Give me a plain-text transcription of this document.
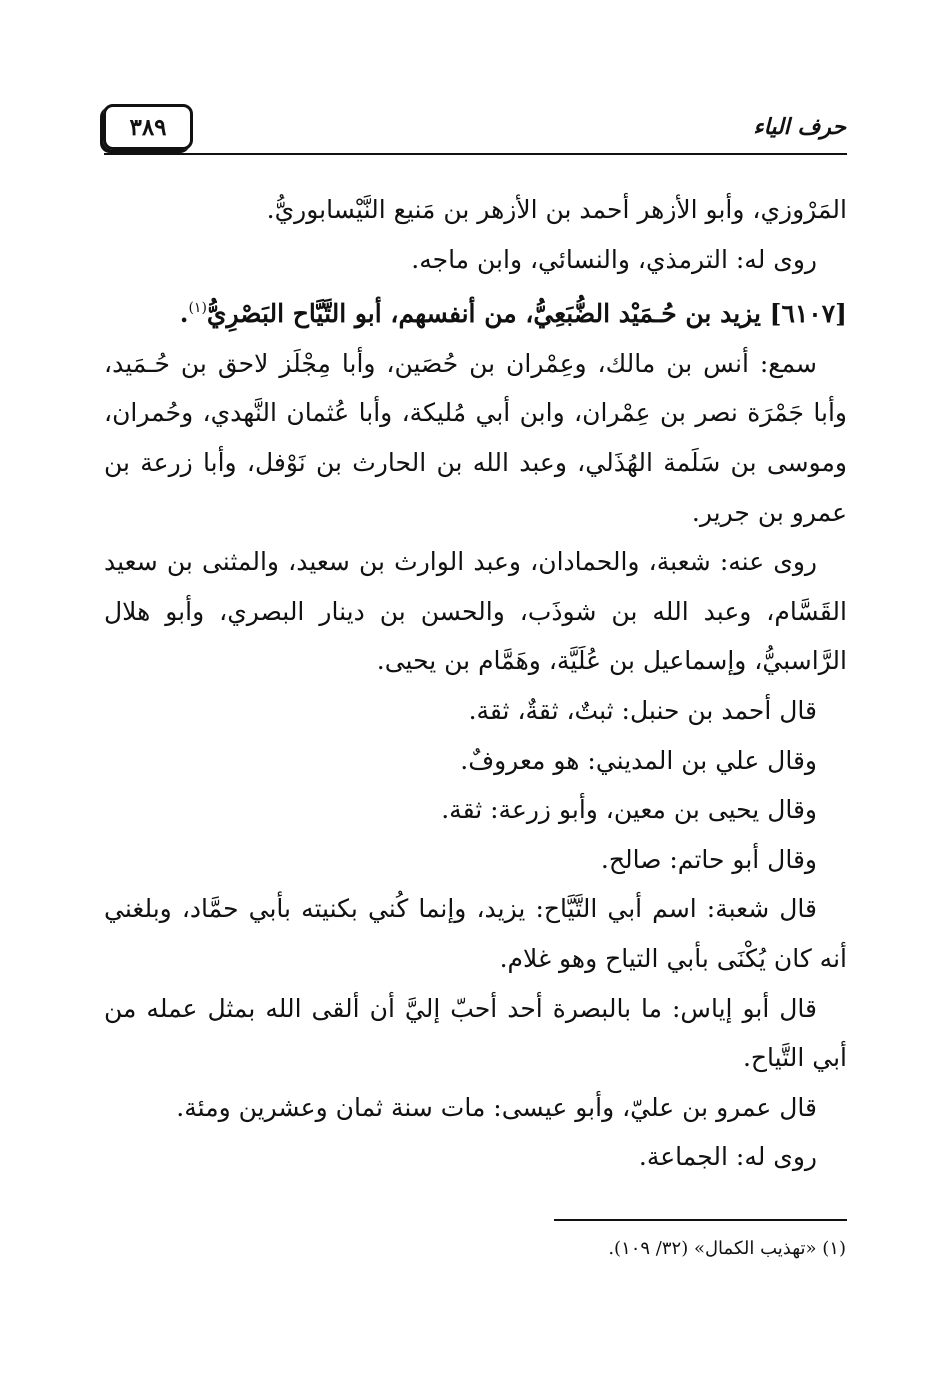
٣٨٩	حرف الياء

المَرْوزي، وأبو الأزهر أحمد بن الأزهر بن مَنيع النَّيْسابوريُّ.

روى له: الترمذي، والنسائي، وابن ماجه.

[٦١٠٧] يزيد بن حُـمَيْد الضُّبَعِيُّ، من أنفسهم، أبو التَّيَّاح البَصْرِيُّ$^{(١)}$.

سمع: أنس بن مالك، وعِمْران بن حُصَين، وأبا مِجْلَز لاحق بن حُـمَيد، وأبا جَمْرَة نصر بن عِمْران، وابن أبي مُليكة، وأبا عُثمان النَّهدي، وحُمران، وموسى بن سَلَمة الهُذَلي، وعبد الله بن الحارث بن نَوْفل، وأبا زرعة بن عمرو بن جرير.

روى عنه: شعبة، والحمادان، وعبد الوارث بن سعيد، والمثنى بن سعيد القَسَّام، وعبد الله بن شوذَب، والحسن بن دينار البصري، وأبو هلال الرَّاسبيُّ، وإسماعيل بن عُلَيَّة، وهَمَّام بن يحيى.

قال أحمد بن حنبل: ثبتٌ، ثقةٌ، ثقة.

وقال علي بن المديني: هو معروفٌ.

وقال يحيى بن معين، وأبو زرعة: ثقة.

وقال أبو حاتم: صالح.

قال شعبة: اسم أبي التَّيَّاح: يزيد، وإنما كُني بكنيته بأبي حمَّاد، وبلغني أنه كان يُكْنَى بأبي التياح وهو غلام.

قال أبو إياس: ما بالبصرة أحد أحبّ إليَّ أن ألقى الله بمثل عمله من أبي التَّياح.

قال عمرو بن عليّ، وأبو عيسى: مات سنة ثمان وعشرين ومئة.

روى له: الجماعة.

(١) «تهذيب الكمال» (٣٢/ ١٠٩).
